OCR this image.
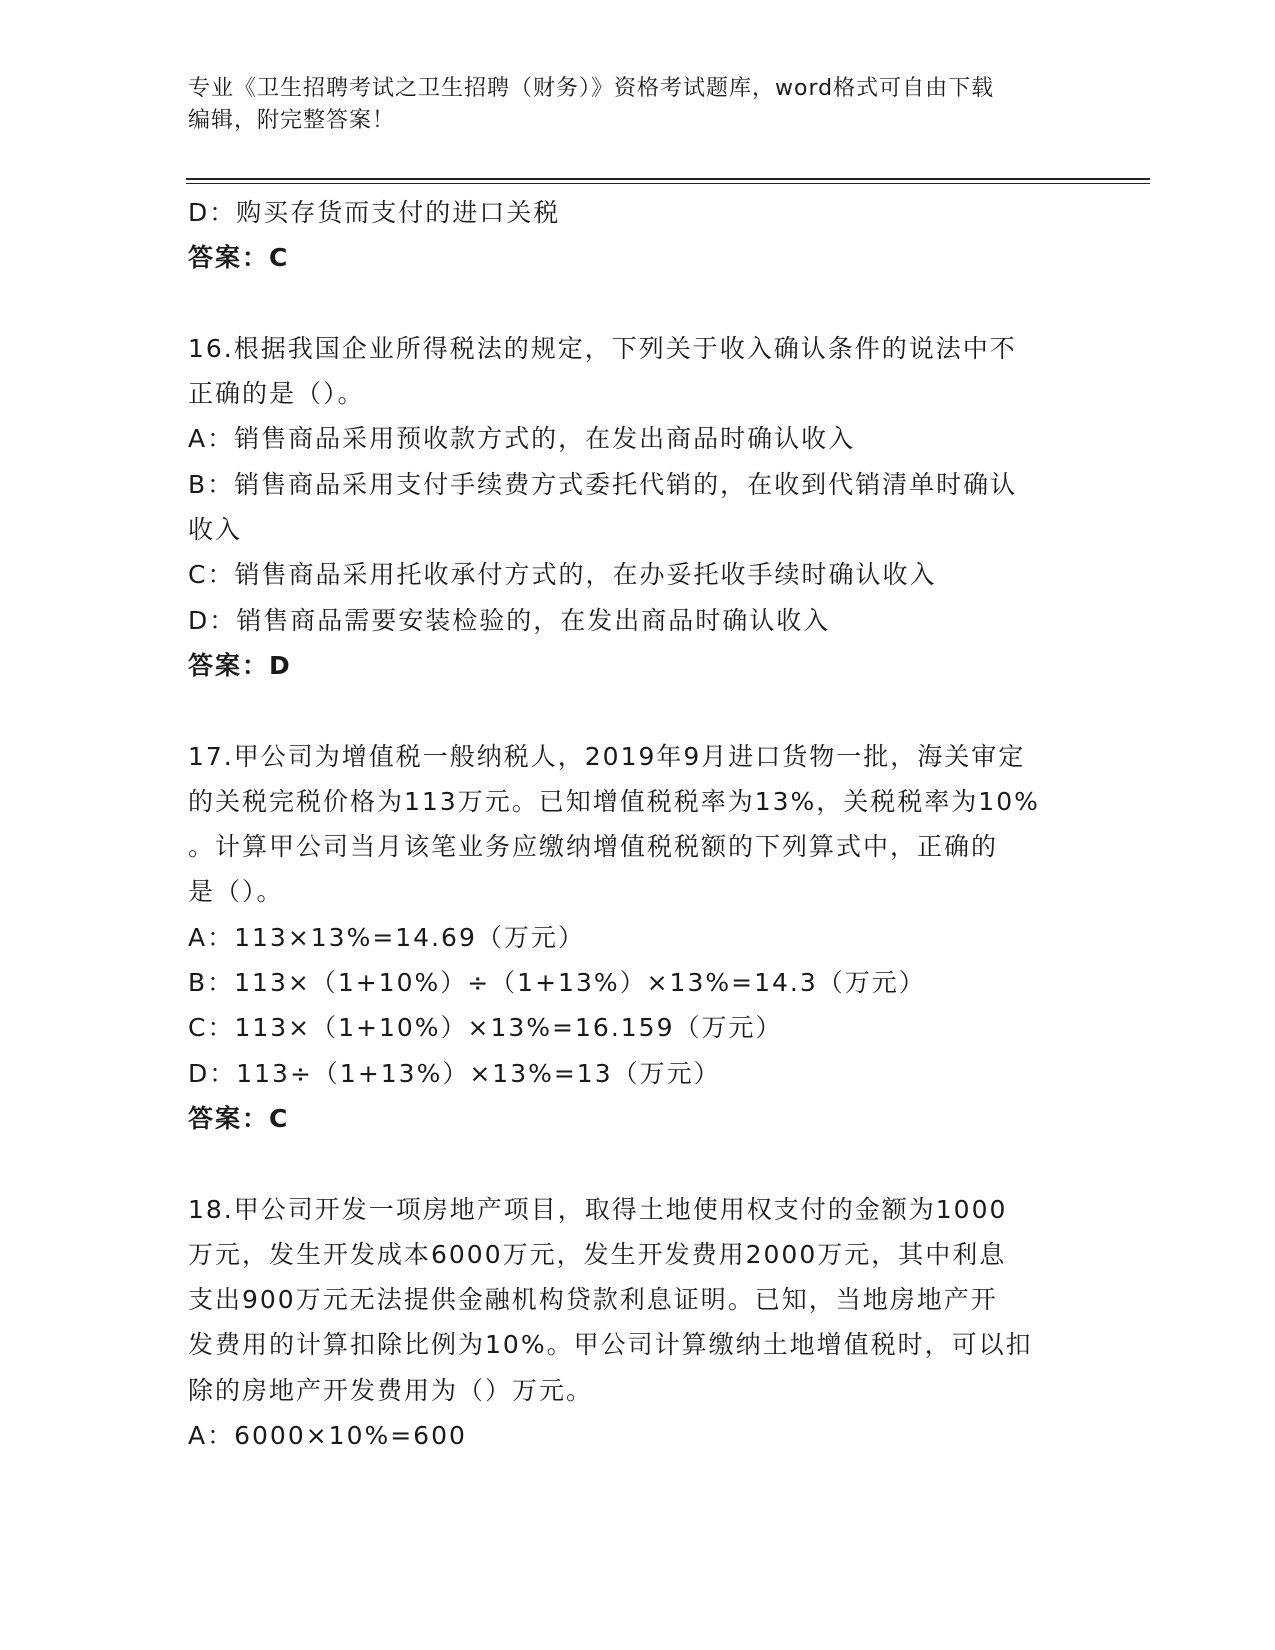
专业《卫生招聘考试之卫生招聘（财务）》资格考试题库，word格式可自由下载
编辑，附完整答案！
D：购买存货而支付的进口关税
答案：C
16.根据我国企业所得税法的规定，下列关于收入确认条件的说法中不
正确的是（）。
A：销售商品采用预收款方式的，在发出商品时确认收入
B：销售商品采用支付手续费方式委托代销的，在收到代销清单时确认
收入
C：销售商品采用托收承付方式的，在办妥托收手续时确认收入
D：销售商品需要安装检验的，在发出商品时确认收入
答案：D
17.甲公司为增值税一般纳税人，2019年9月进口货物一批，海关审定
的关税完税价格为113万元。已知增值税税率为13%，关税税率为10%
。计算甲公司当月该笔业务应缴纳增值税税额的下列算式中，正确的
是（）。
A：113×13%=14.69（万元）
B：113×（1+10%）÷（1+13%）×13%=14.3（万元）
C：113×（1+10%）×13%=16.159（万元）
D：113÷（1+13%）×13%=13（万元）
答案：C
18.甲公司开发一项房地产项目，取得土地使用权支付的金额为1000
万元，发生开发成本6000万元，发生开发费用2000万元，其中利息
支出900万元无法提供金融机构贷款利息证明。已知，当地房地产开
发费用的计算扣除比例为10%。甲公司计算缴纳土地增值税时，可以扣
除的房地产开发费用为（）万元。
A：6000×10%=600
